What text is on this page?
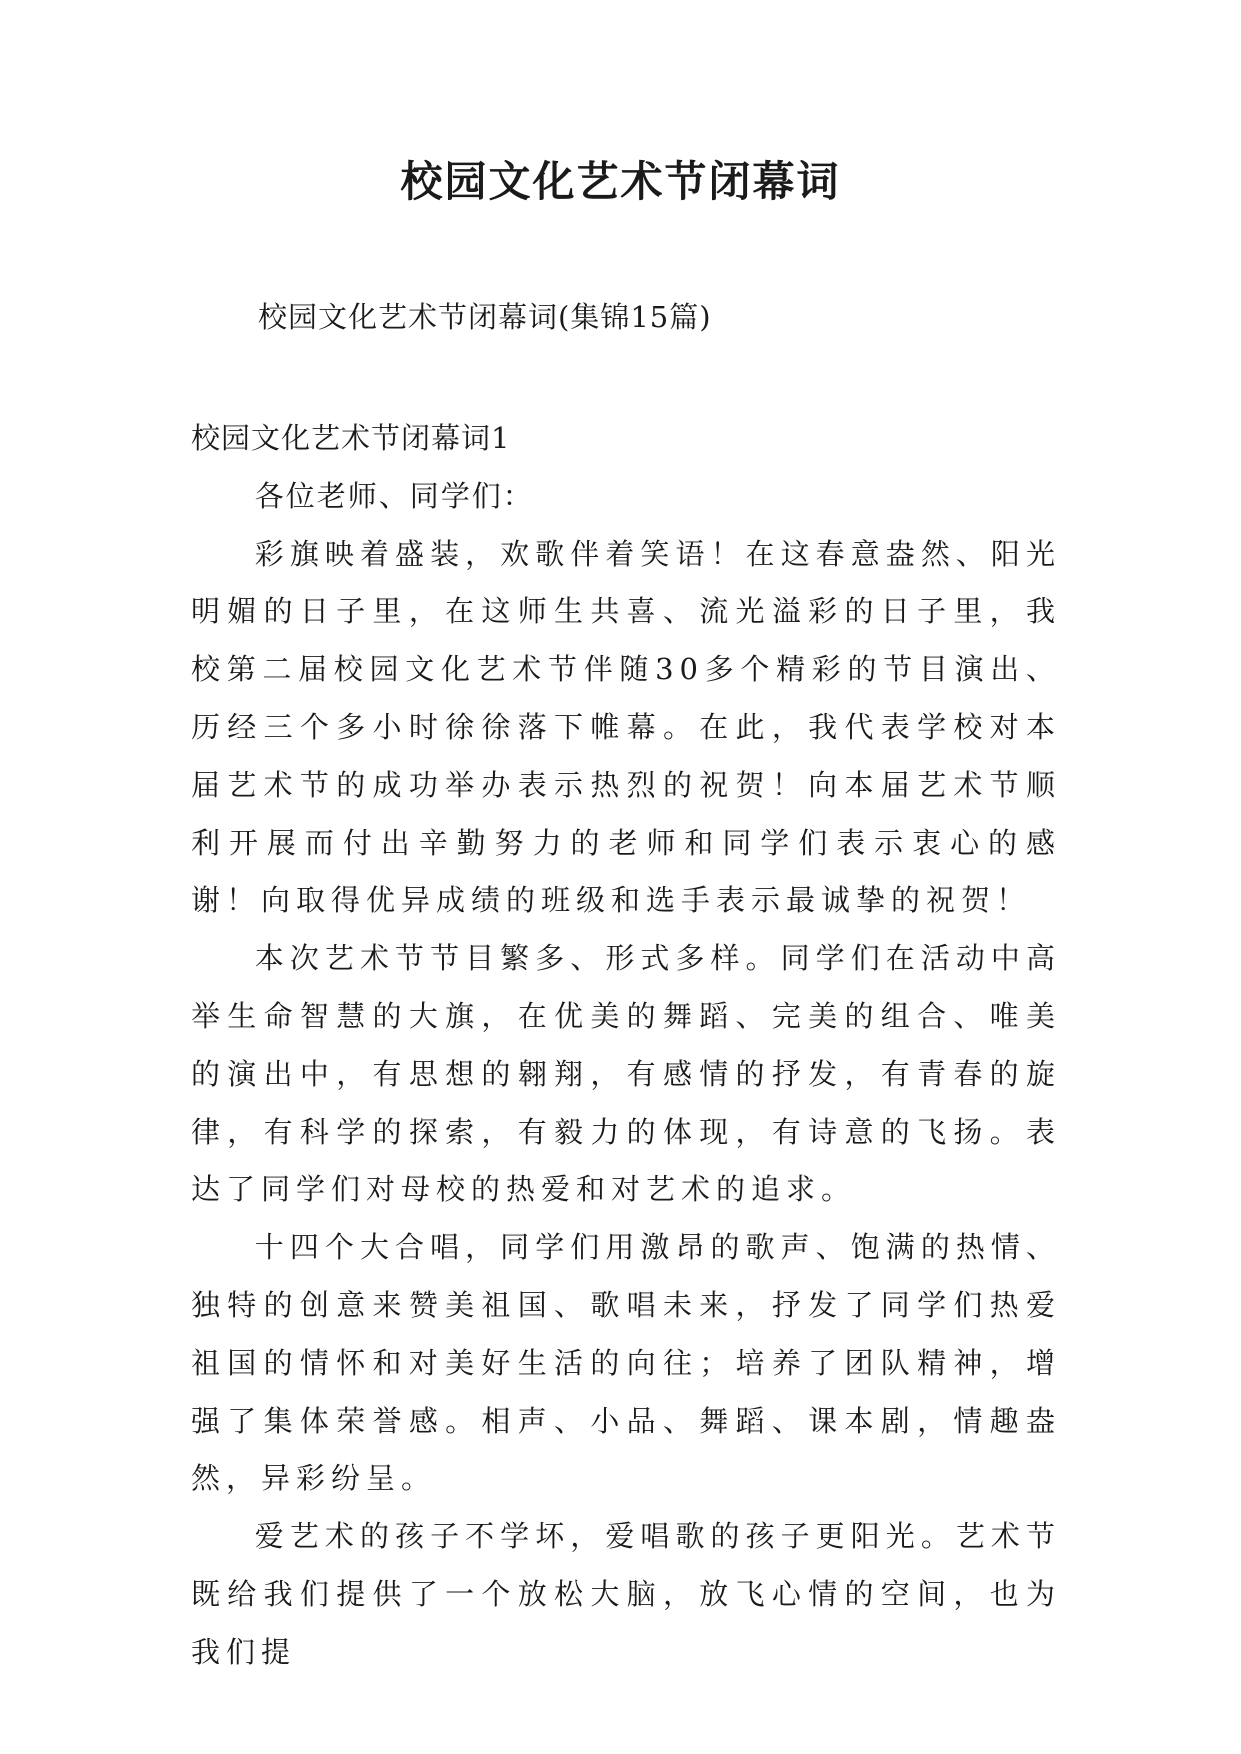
校园文化艺术节闭幕词

校园文化艺术节闭幕词(集锦15篇)

校园文化艺术节闭幕词1

各位老师、同学们：

彩旗映着盛装，欢歌伴着笑语！在这春意盎然、阳光明媚的日子里，在这师生共喜、流光溢彩的日子里，我校第二届校园文化艺术节伴随30多个精彩的节目演出、历经三个多小时徐徐落下帷幕。在此，我代表学校对本届艺术节的成功举办表示热烈的祝贺！向本届艺术节顺利开展而付出辛勤努力的老师和同学们表示衷心的感谢！向取得优异成绩的班级和选手表示最诚挚的祝贺！

本次艺术节节目繁多、形式多样。同学们在活动中高举生命智慧的大旗，在优美的舞蹈、完美的组合、唯美的演出中，有思想的翱翔，有感情的抒发，有青春的旋律，有科学的探索，有毅力的体现，有诗意的飞扬。表达了同学们对母校的热爱和对艺术的追求。

十四个大合唱，同学们用激昂的歌声、饱满的热情、独特的创意来赞美祖国、歌唱未来，抒发了同学们热爱祖国的情怀和对美好生活的向往；培养了团队精神，增强了集体荣誉感。相声、小品、舞蹈、课本剧，情趣盎然，异彩纷呈。

爱艺术的孩子不学坏，爱唱歌的孩子更阳光。艺术节既给我们提供了一个放松大脑，放飞心情的空间，也为我们提
